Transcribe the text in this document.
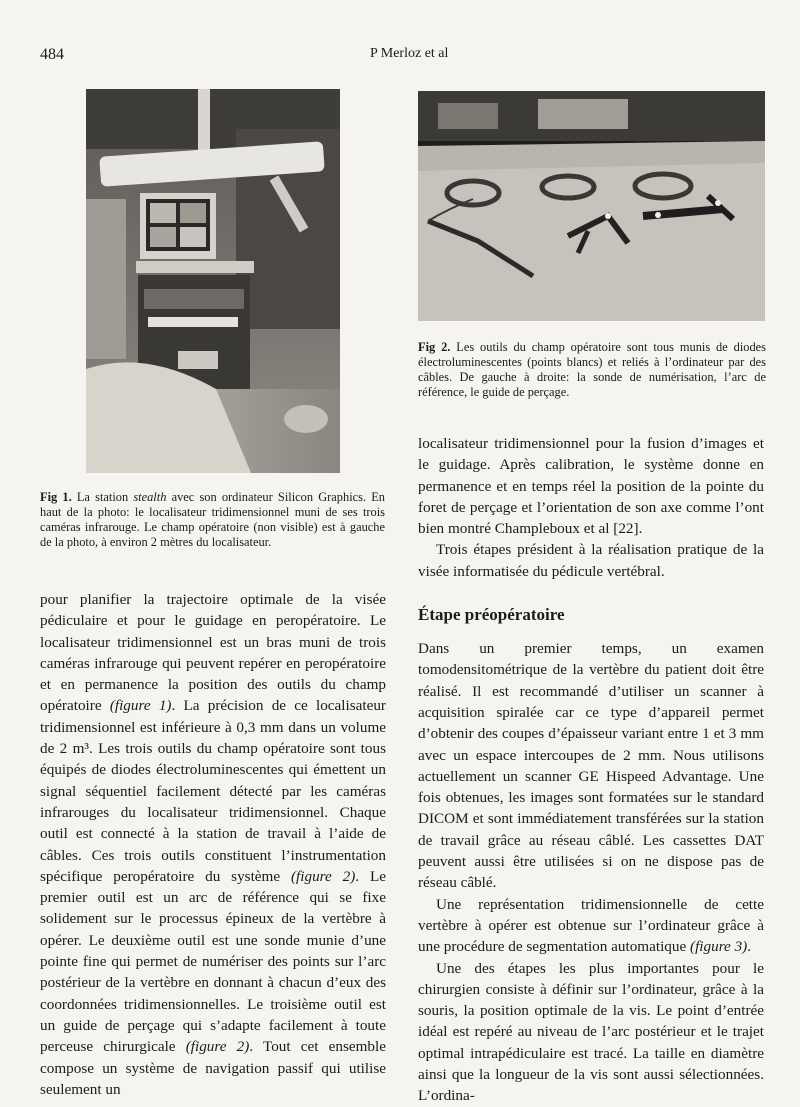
484	P Merloz et al
Fig 1. La station stealth avec son ordinateur Silicon Graphics. En haut de la photo: le localisateur tridimensionnel muni de ses trois caméras infrarouge. Le champ opératoire (non visible) est à gauche de la photo, à environ 2 mètres du localisateur.
Fig 2. Les outils du champ opératoire sont tous munis de diodes électroluminescentes (points blancs) et reliés à l’ordinateur par des câbles. De gauche à droite: la sonde de numérisation, l’arc de référence, le guide de perçage.

pour planifier la trajectoire optimale de la visée pédiculaire et pour le guidage en peropératoire. Le localisateur tridimensionnel est un bras muni de trois caméras infrarouge qui peuvent repérer en peropératoire et en permanence la position des outils du champ opératoire (figure 1). La précision de ce localisateur tridimensionnel est inférieure à 0,3 mm dans un volume de 2 m³. Les trois outils du champ opératoire sont tous équipés de diodes électroluminescentes qui émettent un signal séquentiel facilement détecté par les caméras infrarouges du localisateur tridimensionnel. Chaque outil est connecté à la station de travail à l’aide de câbles. Ces trois outils constituent l’instrumentation spécifique peropératoire du système (figure 2). Le premier outil est un arc de référence qui se fixe solidement sur le processus épineux de la vertèbre à opérer. Le deuxième outil est une sonde munie d’une pointe fine qui permet de numériser des points sur l’arc postérieur de la vertèbre en donnant à chacun d’eux des coordonnées tridimensionnelles. Le troisième outil est un guide de perçage qui s’adapte facilement à toute perceuse chirurgicale (figure 2). Tout cet ensemble compose un système de navigation passif qui utilise seulement un

localisateur tridimensionnel pour la fusion d’images et le guidage. Après calibration, le système donne en permanence et en temps réel la position de la pointe du foret de perçage et l’orientation de son axe comme l’ont bien montré Champleboux et al [22].

Trois étapes président à la réalisation pratique de la visée informatisée du pédicule vertébral.

Étape préopératoire

Dans un premier temps, un examen tomodensitométrique de la vertèbre du patient doit être réalisé. Il est recommandé d’utiliser un scanner à acquisition spiralée car ce type d’appareil permet d’obtenir des coupes d’épaisseur variant entre 1 et 3 mm avec un espace intercoupes de 2 mm. Nous utilisons actuellement un scanner GE Hispeed Advantage. Une fois obtenues, les images sont formatées sur le standard DICOM et sont immédiatement transférées sur la station de travail grâce au réseau câblé. Les cassettes DAT peuvent aussi être utilisées si on ne dispose pas de réseau câblé.

Une représentation tridimensionnelle de cette vertèbre à opérer est obtenue sur l’ordinateur grâce à une procédure de segmentation automatique (figure 3).

Une des étapes les plus importantes pour le chirurgien consiste à définir sur l’ordinateur, grâce à la souris, la position optimale de la vis. Le point d’entrée idéal est repéré au niveau de l’arc postérieur et le trajet optimal intrapédiculaire est tracé. La taille en diamètre ainsi que la longueur de la vis sont aussi sélectionnées. L’ordina-
